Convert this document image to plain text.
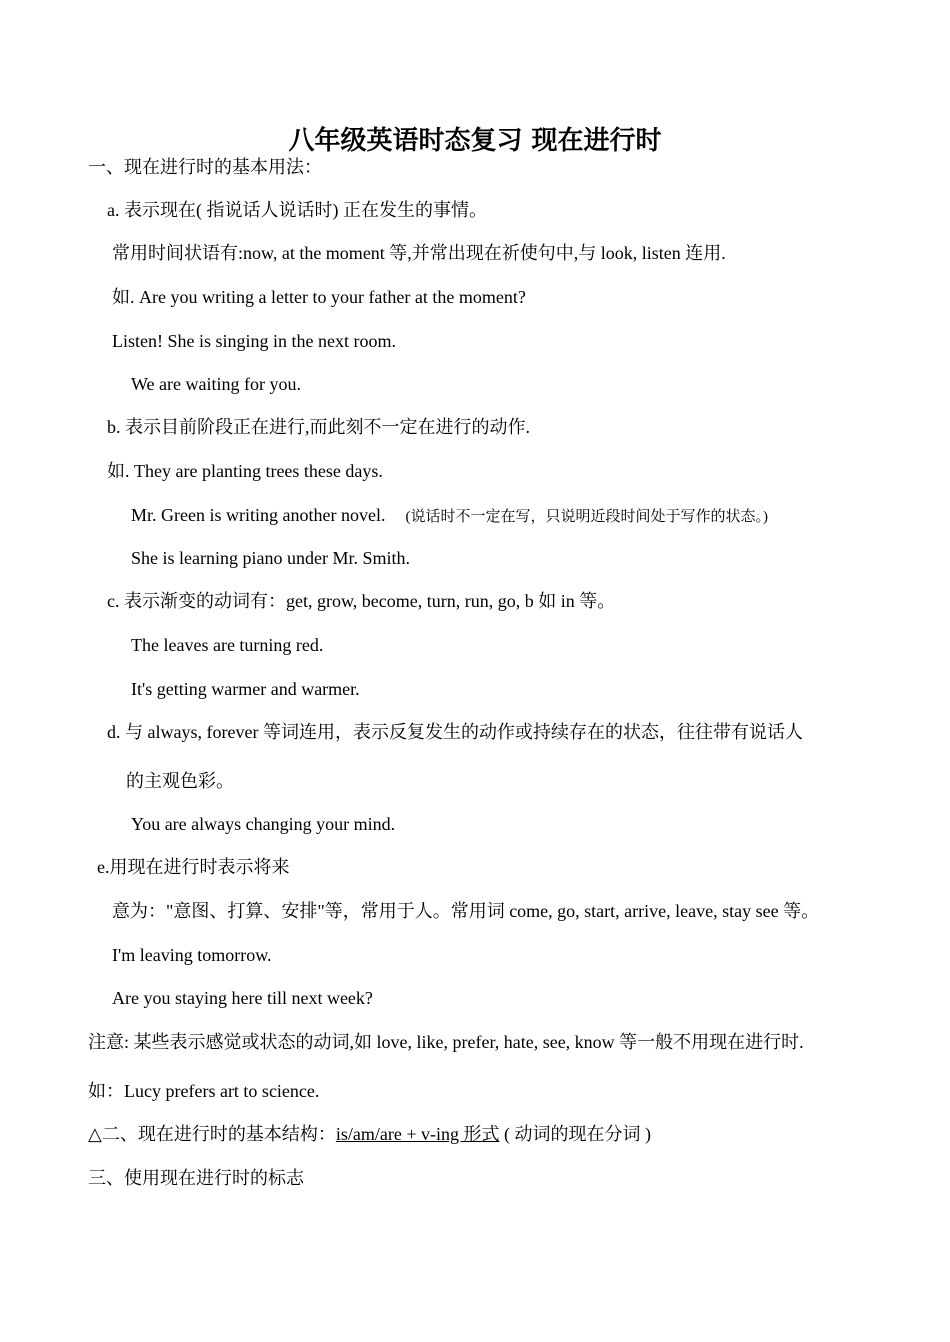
八年级英语时态复习 现在进行时
一、现在进行时的基本用法：
a. 表示现在( 指说话人说话时) 正在发生的事情。
常用时间状语有:now, at the moment 等,并常出现在祈使句中,与 look, listen 连用.
如. Are you writing a letter to your father at the moment?
Listen! She is singing in the next room.
We are waiting for you.
b. 表示目前阶段正在进行,而此刻不一定在进行的动作.
如. They are planting trees these days.
Mr. Green is writing another novel. (说话时不一定在写，只说明近段时间处于写作的状态。)
She is learning piano under Mr. Smith.
c. 表示渐变的动词有：get, grow, become, turn, run, go, b 如 in 等。
The leaves are turning red.
It's getting warmer and warmer.
d. 与 always, forever 等词连用，表示反复发生的动作或持续存在的状态，往往带有说话人
的主观色彩。
You are always changing your mind.
e.用现在进行时表示将来
意为："意图、打算、安排"等，常用于人。常用词 come, go, start, arrive, leave, stay see 等。
I'm leaving tomorrow.
Are you staying here till next week?
注意: 某些表示感觉或状态的动词,如 love, like, prefer, hate, see, know 等一般不用现在进行时.
如：Lucy prefers art to science.
△二、现在进行时的基本结构：is/am/are + v-ing 形式 ( 动词的现在分词 )
三、使用现在进行时的标志
